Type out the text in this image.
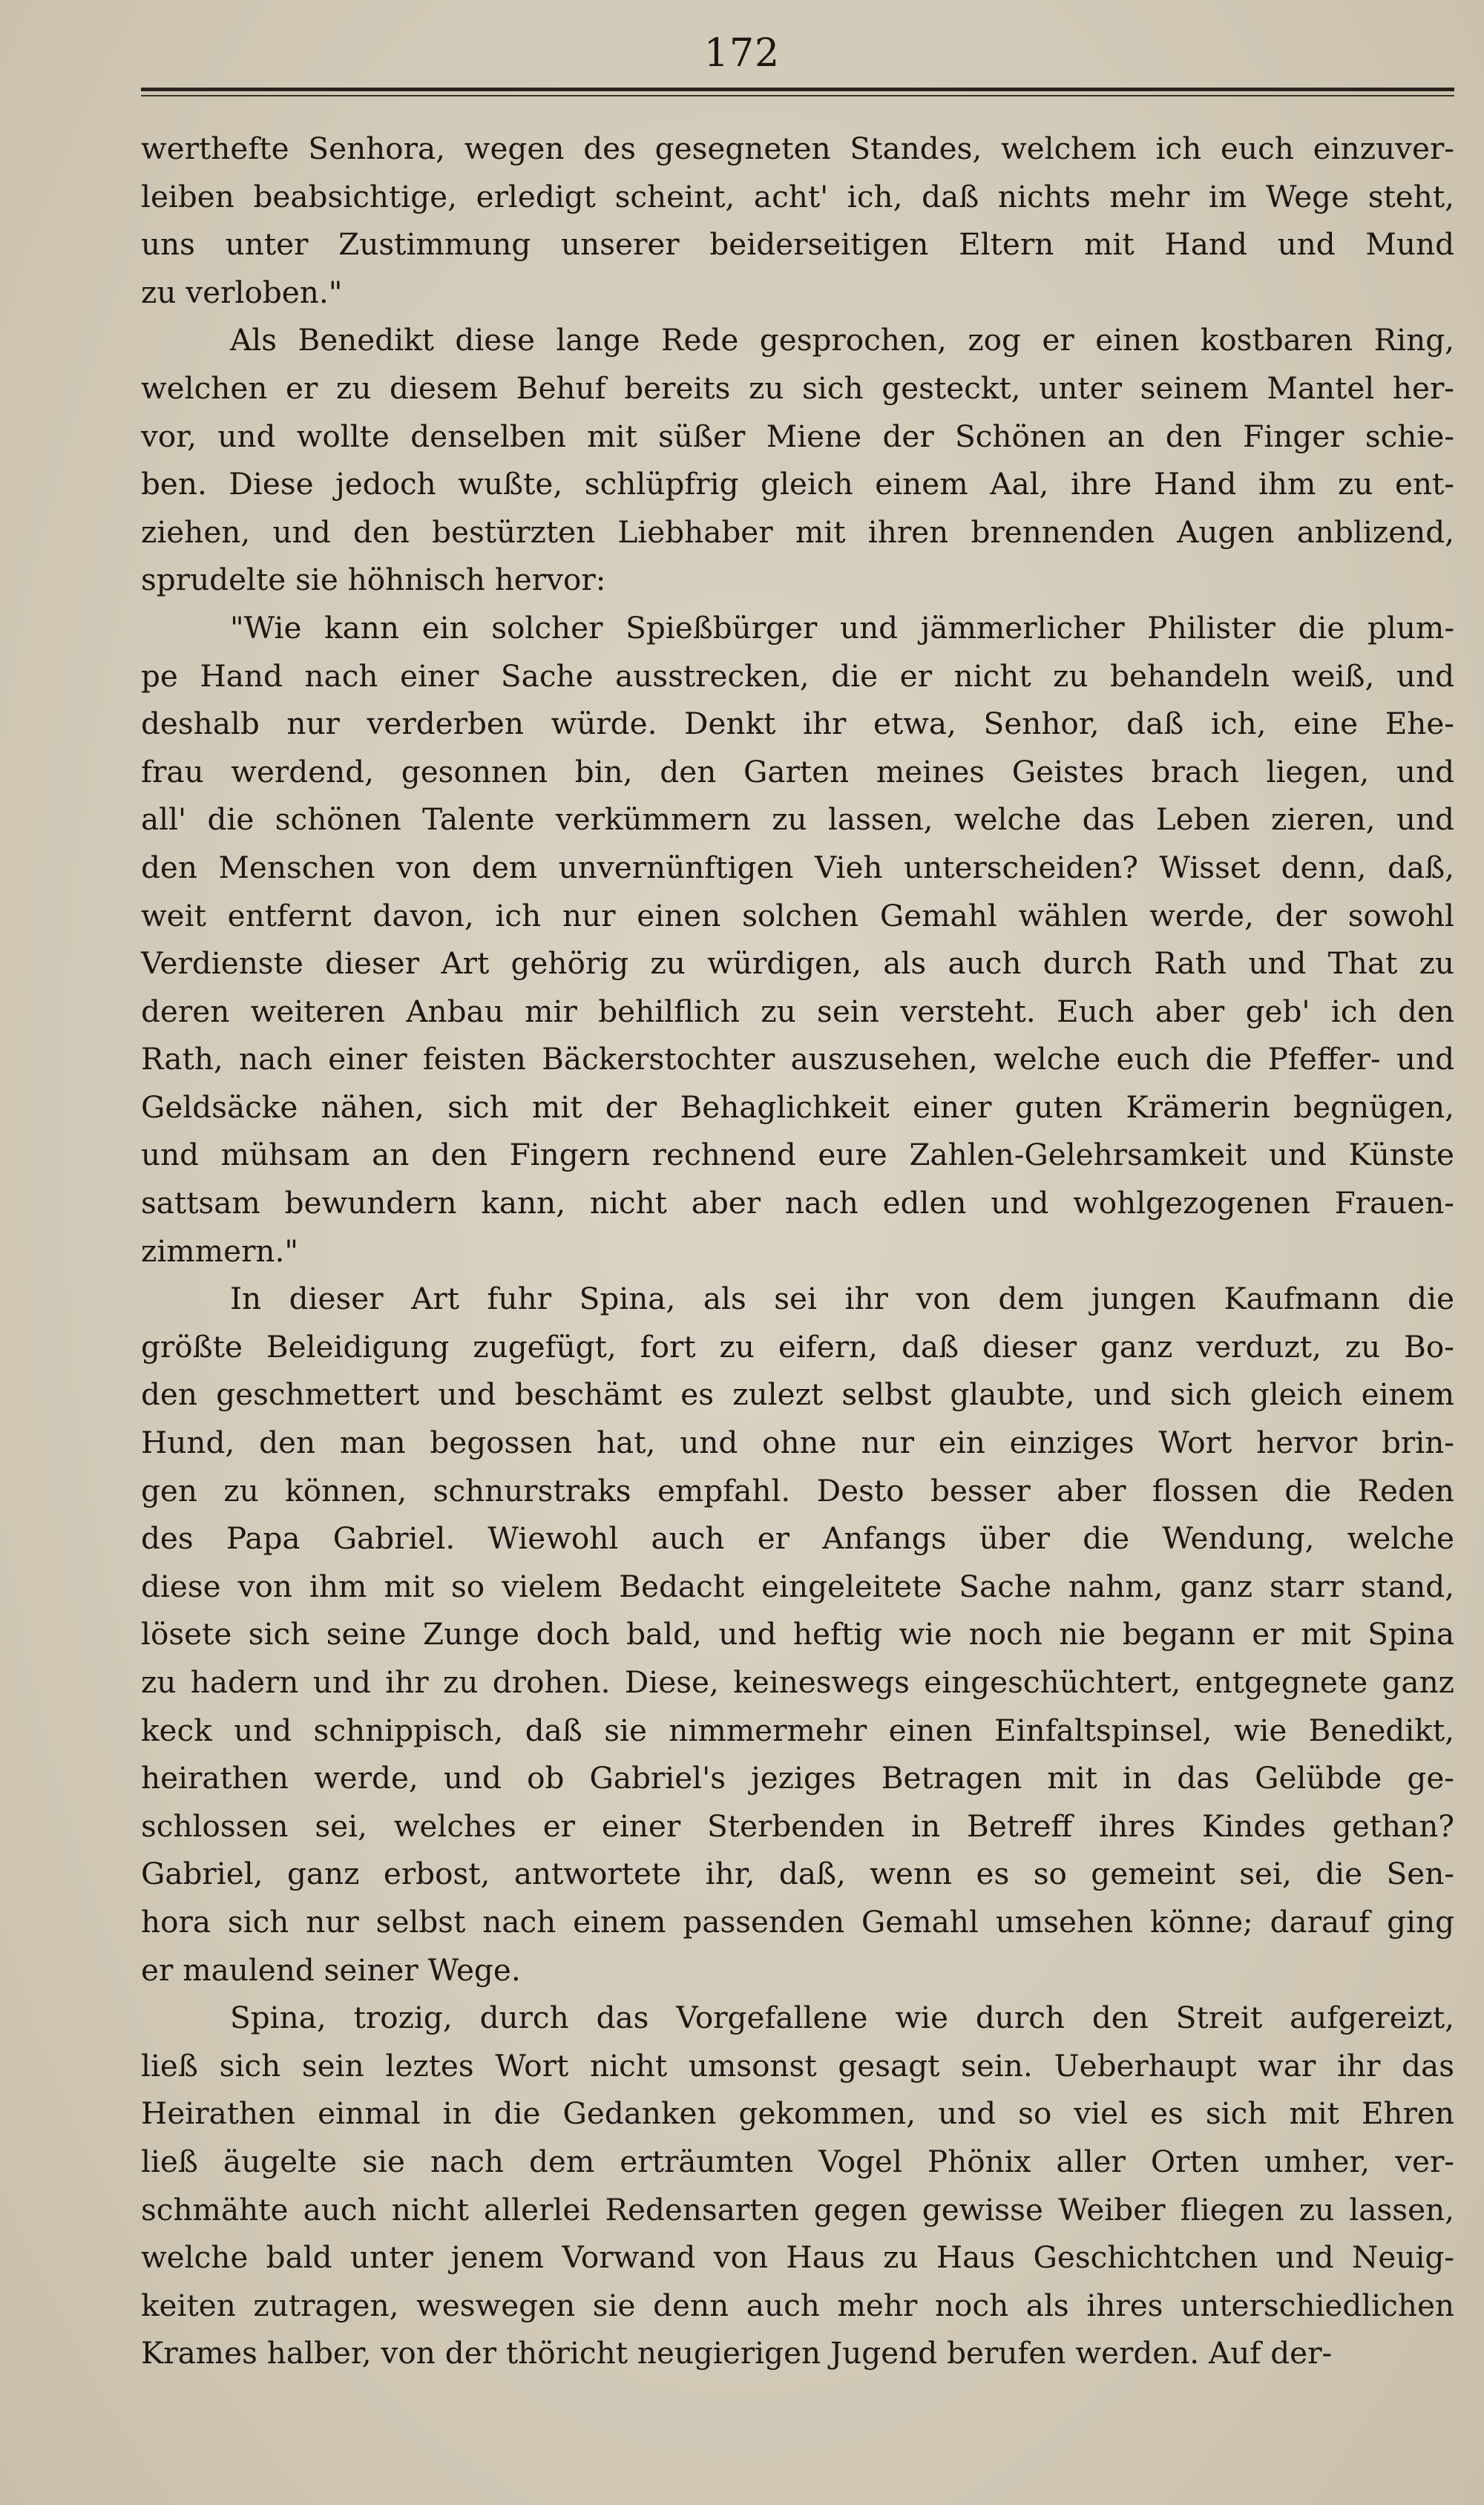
172

werthefte Senhora, wegen des gesegneten Standes, welchem ich euch einzuver-

leiben beabsichtige, erledigt scheint, acht' ich, daß nichts mehr im Wege steht,

uns unter Zustimmung unserer beiderseitigen Eltern mit Hand und Mund

zu verloben."

Als Benedikt diese lange Rede gesprochen, zog er einen kostbaren Ring,

welchen er zu diesem Behuf bereits zu sich gesteckt, unter seinem Mantel her-

vor, und wollte denselben mit süßer Miene der Schönen an den Finger schie-

ben. Diese jedoch wußte, schlüpfrig gleich einem Aal, ihre Hand ihm zu ent-

ziehen, und den bestürzten Liebhaber mit ihren brennenden Augen anblizend,

sprudelte sie höhnisch hervor:

"Wie kann ein solcher Spießbürger und jämmerlicher Philister die plum-

pe Hand nach einer Sache ausstrecken, die er nicht zu behandeln weiß, und

deshalb nur verderben würde. Denkt ihr etwa, Senhor, daß ich, eine Ehe-

frau werdend, gesonnen bin, den Garten meines Geistes brach liegen, und

all' die schönen Talente verkümmern zu lassen, welche das Leben zieren, und

den Menschen von dem unvernünftigen Vieh unterscheiden? Wisset denn, daß,

weit entfernt davon, ich nur einen solchen Gemahl wählen werde, der sowohl

Verdienste dieser Art gehörig zu würdigen, als auch durch Rath und That zu

deren weiteren Anbau mir behilflich zu sein versteht. Euch aber geb' ich den

Rath, nach einer feisten Bäckerstochter auszusehen, welche euch die Pfeffer- und

Geldsäcke nähen, sich mit der Behaglichkeit einer guten Krämerin begnügen,

und mühsam an den Fingern rechnend eure Zahlen-Gelehrsamkeit und Künste

sattsam bewundern kann, nicht aber nach edlen und wohlgezogenen Frauen-

zimmern."

In dieser Art fuhr Spina, als sei ihr von dem jungen Kaufmann die

größte Beleidigung zugefügt, fort zu eifern, daß dieser ganz verduzt, zu Bo-

den geschmettert und beschämt es zulezt selbst glaubte, und sich gleich einem

Hund, den man begossen hat, und ohne nur ein einziges Wort hervor brin-

gen zu können, schnurstraks empfahl. Desto besser aber flossen die Reden

des Papa Gabriel. Wiewohl auch er Anfangs über die Wendung, welche

diese von ihm mit so vielem Bedacht eingeleitete Sache nahm, ganz starr stand,

lösete sich seine Zunge doch bald, und heftig wie noch nie begann er mit Spina

zu hadern und ihr zu drohen. Diese, keineswegs eingeschüchtert, entgegnete ganz

keck und schnippisch, daß sie nimmermehr einen Einfaltspinsel, wie Benedikt,

heirathen werde, und ob Gabriel's jeziges Betragen mit in das Gelübde ge-

schlossen sei, welches er einer Sterbenden in Betreff ihres Kindes gethan?

Gabriel, ganz erbost, antwortete ihr, daß, wenn es so gemeint sei, die Sen-

hora sich nur selbst nach einem passenden Gemahl umsehen könne; darauf ging

er maulend seiner Wege.

Spina, trozig, durch das Vorgefallene wie durch den Streit aufgereizt,

ließ sich sein leztes Wort nicht umsonst gesagt sein. Ueberhaupt war ihr das

Heirathen einmal in die Gedanken gekommen, und so viel es sich mit Ehren

ließ äugelte sie nach dem erträumten Vogel Phönix aller Orten umher, ver-

schmähte auch nicht allerlei Redensarten gegen gewisse Weiber fliegen zu lassen,

welche bald unter jenem Vorwand von Haus zu Haus Geschichtchen und Neuig-

keiten zutragen, weswegen sie denn auch mehr noch als ihres unterschiedlichen

Krames halber, von der thöricht neugierigen Jugend berufen werden. Auf der-
